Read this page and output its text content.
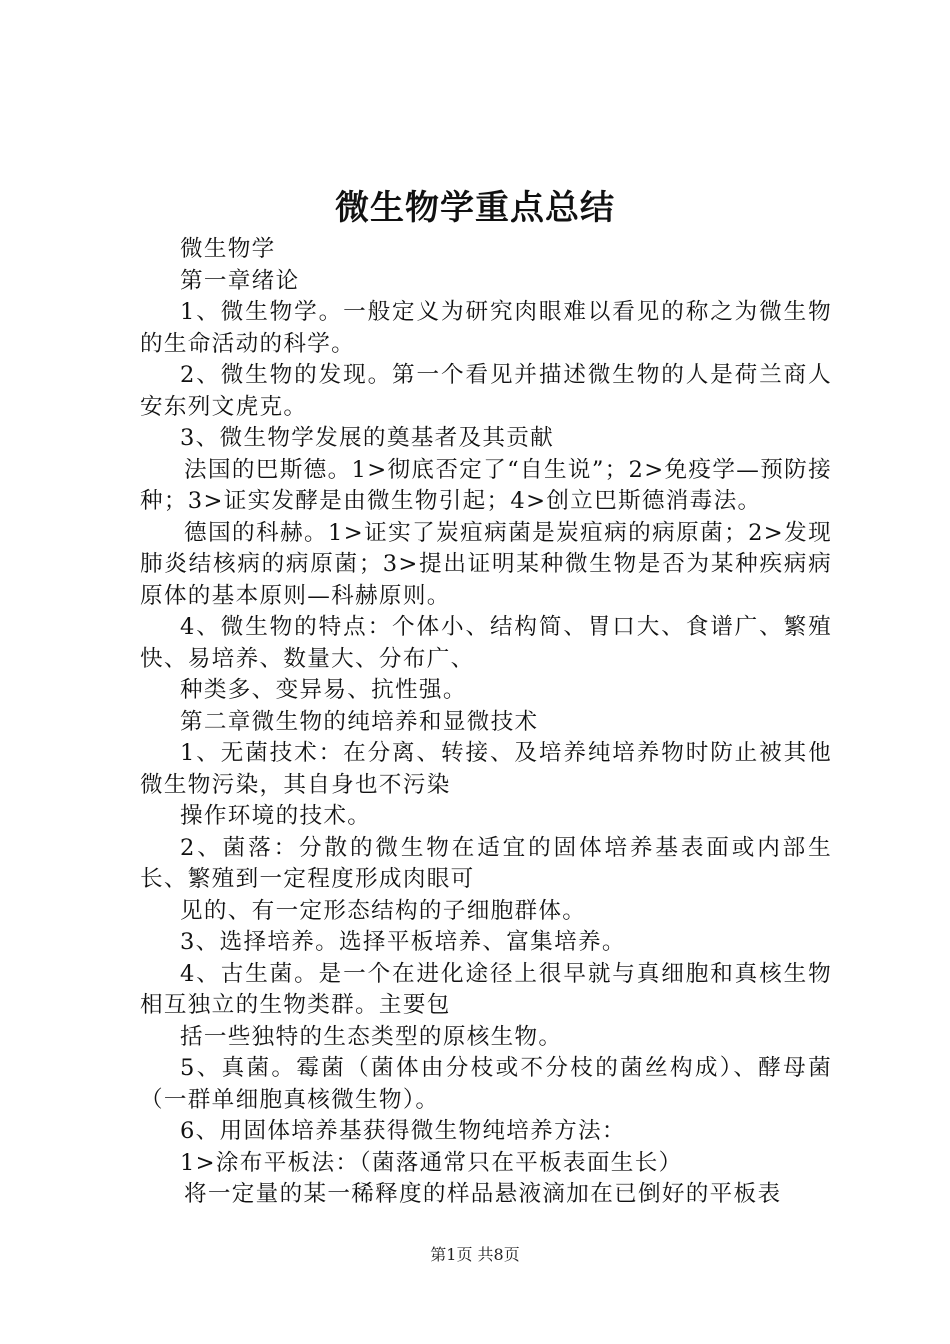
微生物学重点总结

微生物学

第一章绪论

1、微生物学。一般定义为研究肉眼难以看见的称之为微生物的生命活动的科学。

2、微生物的发现。第一个看见并描述微生物的人是荷兰商人安东列文虎克。

3、微生物学发展的奠基者及其贡献

法国的巴斯德。1>彻底否定了“自生说”；2>免疫学—预防接种；3>证实发酵是由微生物引起；4>创立巴斯德消毒法。

德国的科赫。1>证实了炭疽病菌是炭疽病的病原菌；2>发现肺炎结核病的病原菌；3>提出证明某种微生物是否为某种疾病病原体的基本原则—科赫原则。

4、微生物的特点：个体小、结构简、胃口大、食谱广、繁殖快、易培养、数量大、分布广、

种类多、变异易、抗性强。

第二章微生物的纯培养和显微技术

1、无菌技术：在分离、转接、及培养纯培养物时防止被其他微生物污染，其自身也不污染

操作环境的技术。

2、菌落：分散的微生物在适宜的固体培养基表面或内部生长、繁殖到一定程度形成肉眼可

见的、有一定形态结构的子细胞群体。

3、选择培养。选择平板培养、富集培养。

4、古生菌。是一个在进化途径上很早就与真细胞和真核生物相互独立的生物类群。主要包

括一些独特的生态类型的原核生物。

5、真菌。霉菌（菌体由分枝或不分枝的菌丝构成）、酵母菌（一群单细胞真核微生物）。

6、用固体培养基获得微生物纯培养方法：

1>涂布平板法：（菌落通常只在平板表面生长）

将一定量的某一稀释度的样品悬液滴加在已倒好的平板表

第1页 共8页
